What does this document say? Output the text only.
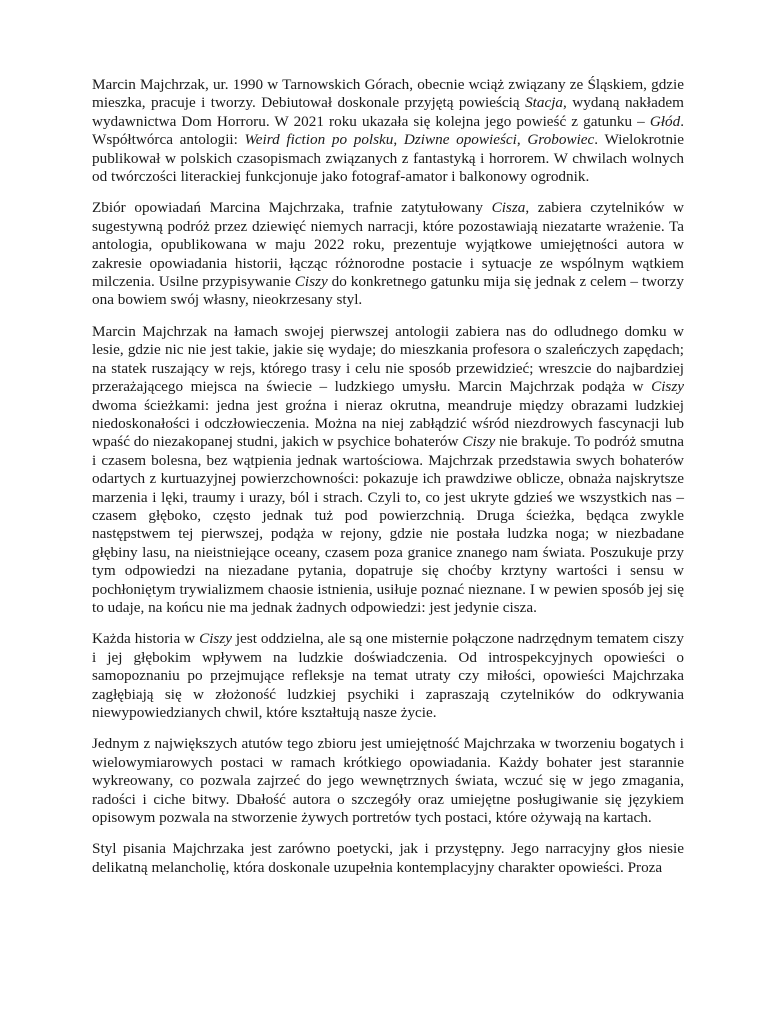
Marcin Majchrzak, ur. 1990 w Tarnowskich Górach, obecnie wciąż związany ze Śląskiem, gdzie mieszka, pracuje i tworzy. Debiutował doskonale przyjętą powieścią Stacja, wydaną nakładem wydawnictwa Dom Horroru. W 2021 roku ukazała się kolejna jego powieść z gatunku – Głód. Współtwórca antologii: Weird fiction po polsku, Dziwne opowieści, Grobowiec. Wielokrotnie publikował w polskich czasopismach związanych z fantastyką i horrorem. W chwilach wolnych od twórczości literackiej funkcjonuje jako fotograf-amator i balkonowy ogrodnik.

Zbiór opowiadań Marcina Majchrzaka, trafnie zatytułowany Cisza, zabiera czytelników w sugestywną podróż przez dziewięć niemych narracji, które pozostawiają niezatarte wrażenie. Ta antologia, opublikowana w maju 2022 roku, prezentuje wyjątkowe umiejętności autora w zakresie opowiadania historii, łącząc różnorodne postacie i sytuacje ze wspólnym wątkiem milczenia. Usilne przypisywanie Ciszy do konkretnego gatunku mija się jednak z celem – tworzy ona bowiem swój własny, nieokrzesany styl.

Marcin Majchrzak na łamach swojej pierwszej antologii zabiera nas do odludnego domku w lesie, gdzie nic nie jest takie, jakie się wydaje; do mieszkania profesora o szaleńczych zapędach; na statek ruszający w rejs, którego trasy i celu nie sposób przewidzieć; wreszcie do najbardziej przerażającego miejsca na świecie – ludzkiego umysłu. Marcin Majchrzak podąża w Ciszy dwoma ścieżkami: jedna jest groźna i nieraz okrutna, meandruje między obrazami ludzkiej niedoskonałości i odczłowieczenia. Można na niej zabłądzić wśród niezdrowych fascynacji lub wpaść do niezakopanej studni, jakich w psychice bohaterów Ciszy nie brakuje. To podróż smutna i czasem bolesna, bez wątpienia jednak wartościowa. Majchrzak przedstawia swych bohaterów odartych z kurtuazyjnej powierzchowności: pokazuje ich prawdziwe oblicze, obnaża najskrytsze marzenia i lęki, traumy i urazy, ból i strach. Czyli to, co jest ukryte gdzieś we wszystkich nas – czasem głęboko, często jednak tuż pod powierzchnią. Druga ścieżka, będąca zwykle następstwem tej pierwszej, podąża w rejony, gdzie nie postała ludzka noga; w niezbadane głębiny lasu, na nieistniejące oceany, czasem poza granice znanego nam świata. Poszukuje przy tym odpowiedzi na niezadane pytania, dopatruje się choćby krztyny wartości i sensu w pochłoniętym trywializmem chaosie istnienia, usiłuje poznać nieznane. I w pewien sposób jej się to udaje, na końcu nie ma jednak żadnych odpowiedzi: jest jedynie cisza.

Każda historia w Ciszy jest oddzielna, ale są one misternie połączone nadrzędnym tematem ciszy i jej głębokim wpływem na ludzkie doświadczenia. Od introspekcyjnych opowieści o samopoznaniu po przejmujące refleksje na temat utraty czy miłości, opowieści Majchrzaka zagłębiają się w złożoność ludzkiej psychiki i zapraszają czytelników do odkrywania niewypowiedzianych chwil, które kształtują nasze życie.

Jednym z największych atutów tego zbioru jest umiejętność Majchrzaka w tworzeniu bogatych i wielowymiarowych postaci w ramach krótkiego opowiadania. Każdy bohater jest starannie wykreowany, co pozwala zajrzeć do jego wewnętrznych świata, wczuć się w jego zmagania, radości i ciche bitwy. Dbałość autora o szczegóły oraz umiejętne posługiwanie się językiem opisowym pozwala na stworzenie żywych portretów tych postaci, które ożywają na kartach.

Styl pisania Majchrzaka jest zarówno poetycki, jak i przystępny. Jego narracyjny głos niesie delikatną melancholię, która doskonale uzupełnia kontemplacyjny charakter opowieści. Proza
